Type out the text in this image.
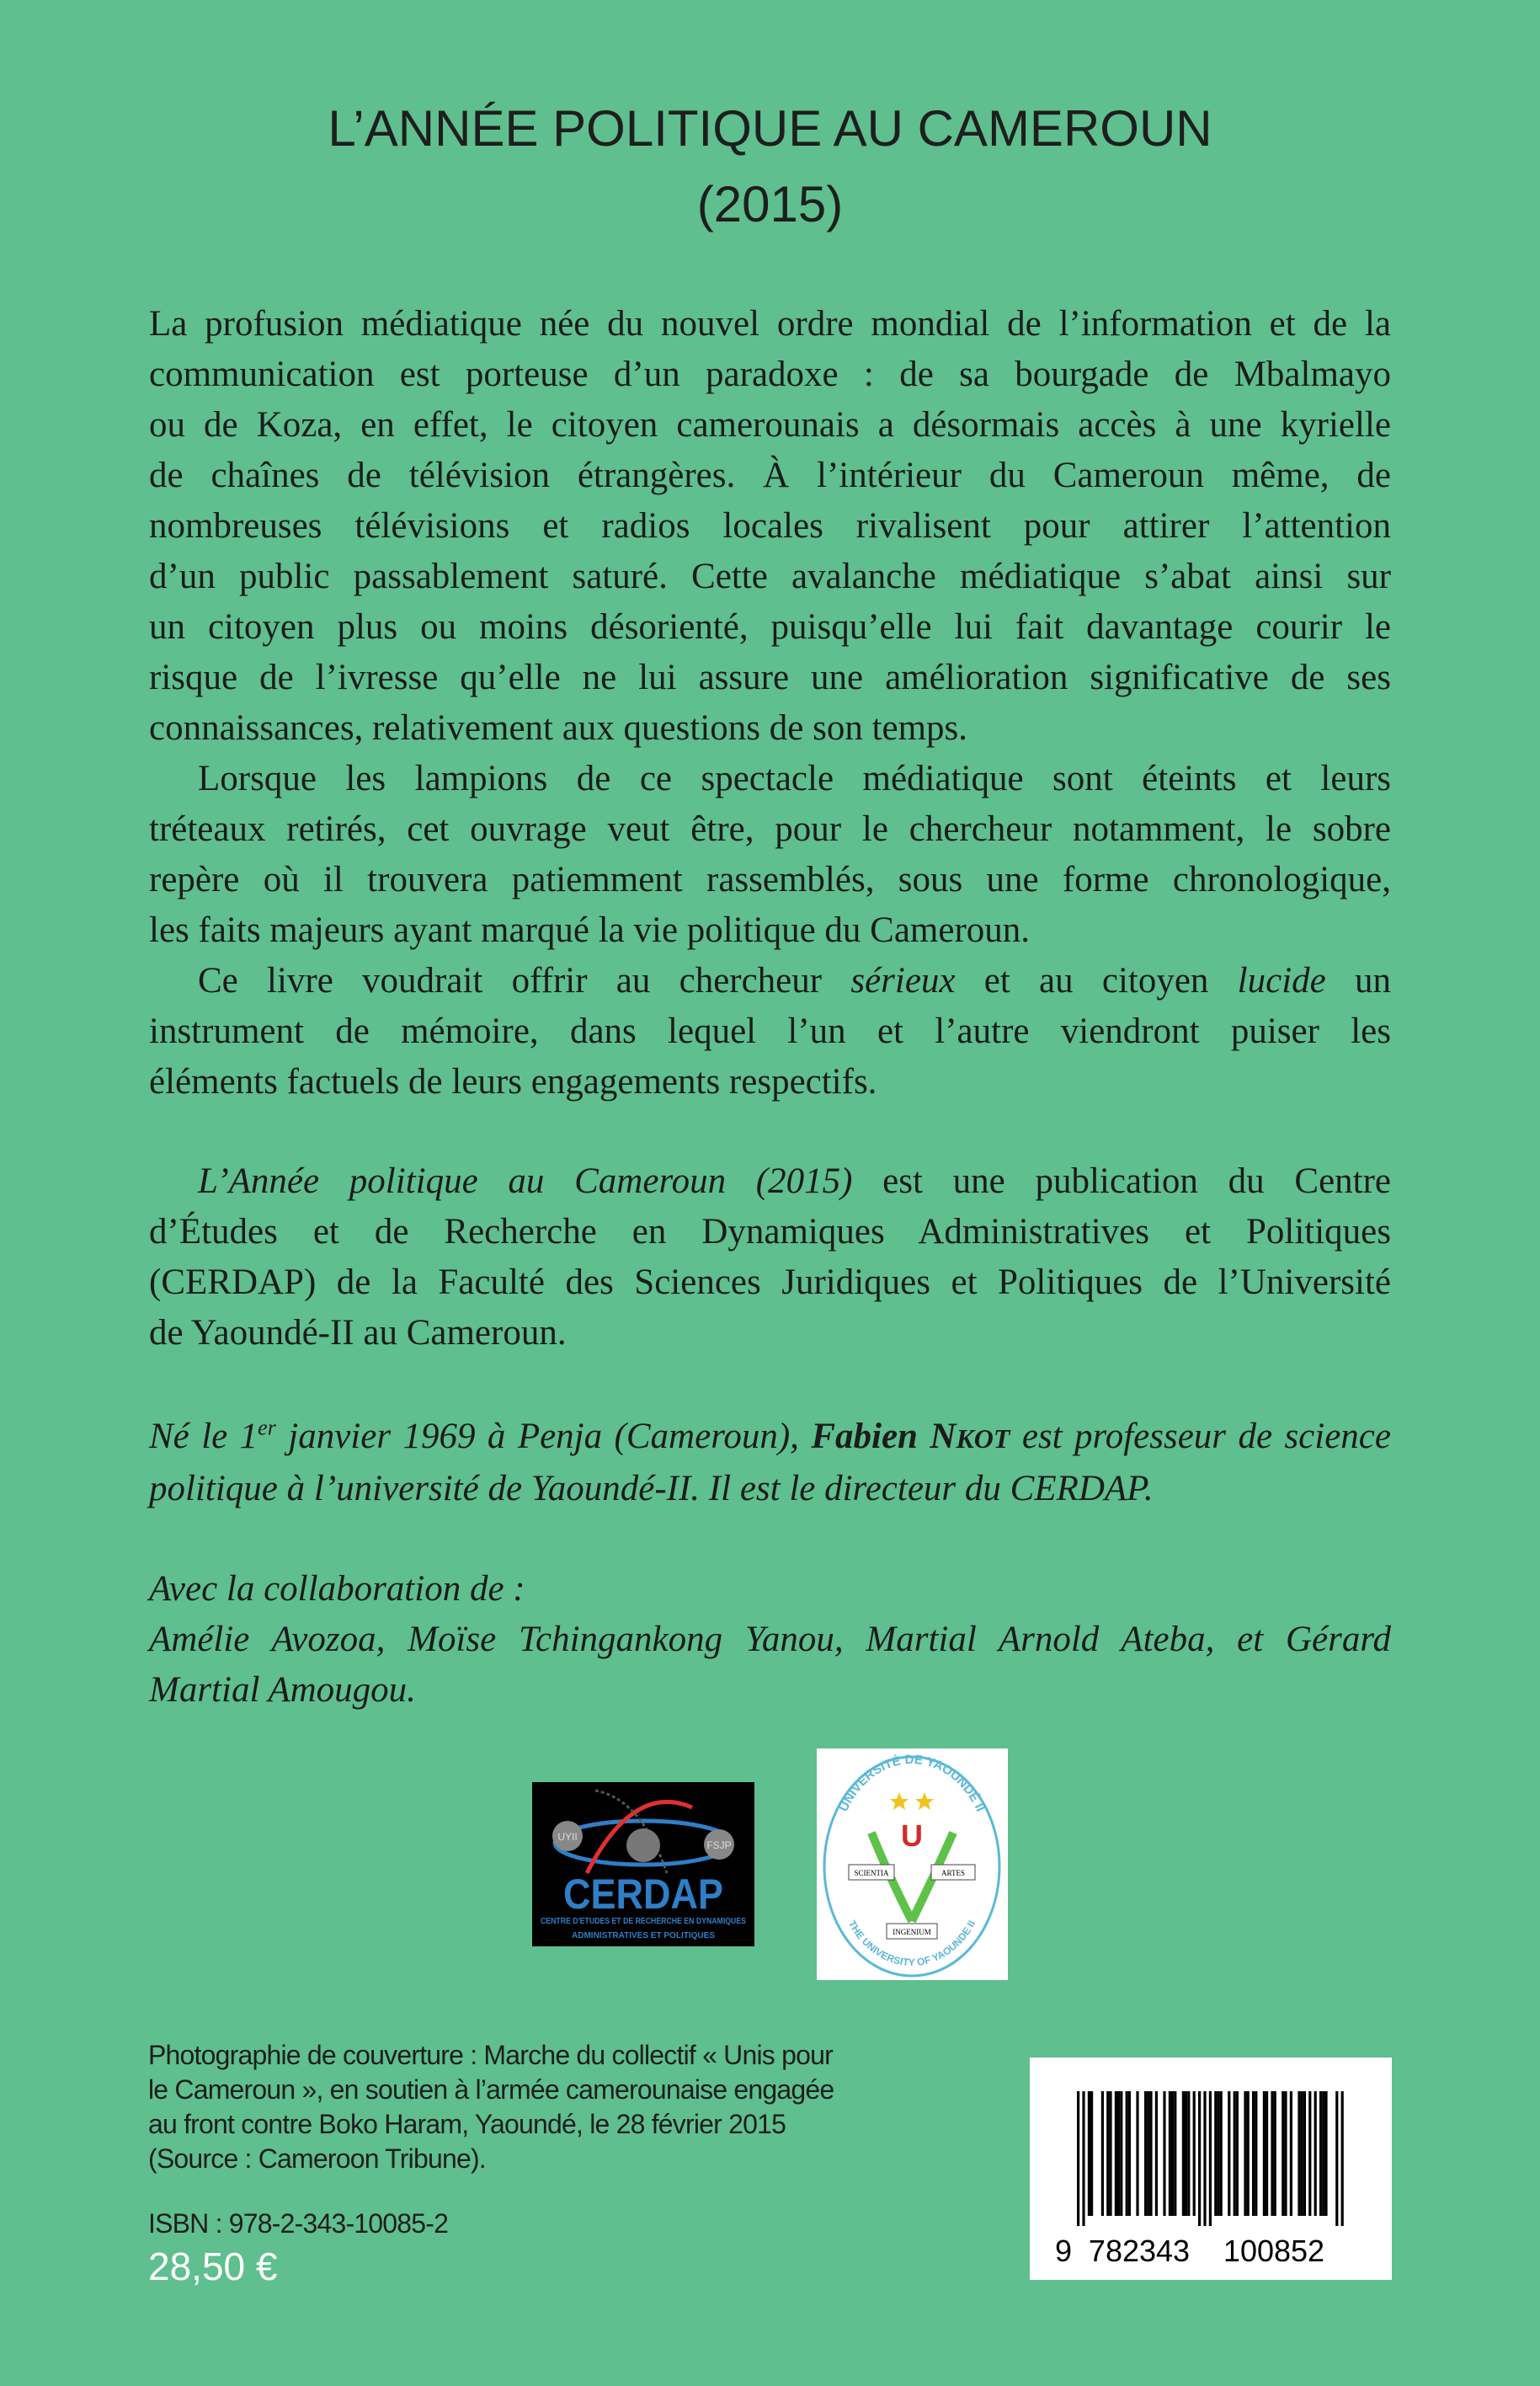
L’ANNÉE POLITIQUE AU CAMEROUN
(2015)
La profusion médiatique née du nouvel ordre mondial de l’information et de la
communication est porteuse d’un paradoxe : de sa bourgade de Mbalmayo
ou de Koza, en effet, le citoyen camerounais a désormais accès à une kyrielle
de chaînes de télévision étrangères. À l’intérieur du Cameroun même, de
nombreuses télévisions et radios locales rivalisent pour attirer l’attention
d’un public passablement saturé. Cette avalanche médiatique s’abat ainsi sur
un citoyen plus ou moins désorienté, puisqu’elle lui fait davantage courir le
risque de l’ivresse qu’elle ne lui assure une amélioration significative de ses
connaissances, relativement aux questions de son temps.
Lorsque les lampions de ce spectacle médiatique sont éteints et leurs
tréteaux retirés, cet ouvrage veut être, pour le chercheur notamment, le sobre
repère où il trouvera patiemment rassemblés, sous une forme chronologique,
les faits majeurs ayant marqué la vie politique du Cameroun.
Ce livre voudrait offrir au chercheur sérieux et au citoyen lucide un
instrument de mémoire, dans lequel l’un et l’autre viendront puiser les
éléments factuels de leurs engagements respectifs.
L’Année politique au Cameroun (2015) est une publication du Centre
d’Études et de Recherche en Dynamiques Administratives et Politiques
(CERDAP) de la Faculté des Sciences Juridiques et Politiques de l’Université
de Yaoundé-II au Cameroun.
Né le 1er janvier 1969 à Penja (Cameroun), Fabien NKOT est professeur de science
politique à l’université de Yaoundé-II. Il est le directeur du CERDAP.
Avec la collaboration de :
Amélie Avozoa, Moïse Tchingankong Yanou, Martial Arnold Ateba, et Gérard
Martial Amougou.
UYII
FSJP
CERDAP
CENTRE D'ETUDES ET DE RECHERCHE EN DYNAMIQUES
ADMINISTRATIVES ET POLITIQUES
UNIVERSITÉ DE YAOUNDÉ II
THE UNIVERSITY OF YAOUNDE II
U
SCIENTIA	ARTES
INGENIUM
Photographie de couverture : Marche du collectif « Unis pour
le Cameroun », en soutien à l’armée camerounaise engagée
au front contre Boko Haram, Yaoundé, le 28 février 2015
(Source : Cameroon Tribune).
ISBN : 978-2-343-10085-2
28,50 €	9 782343 100852
